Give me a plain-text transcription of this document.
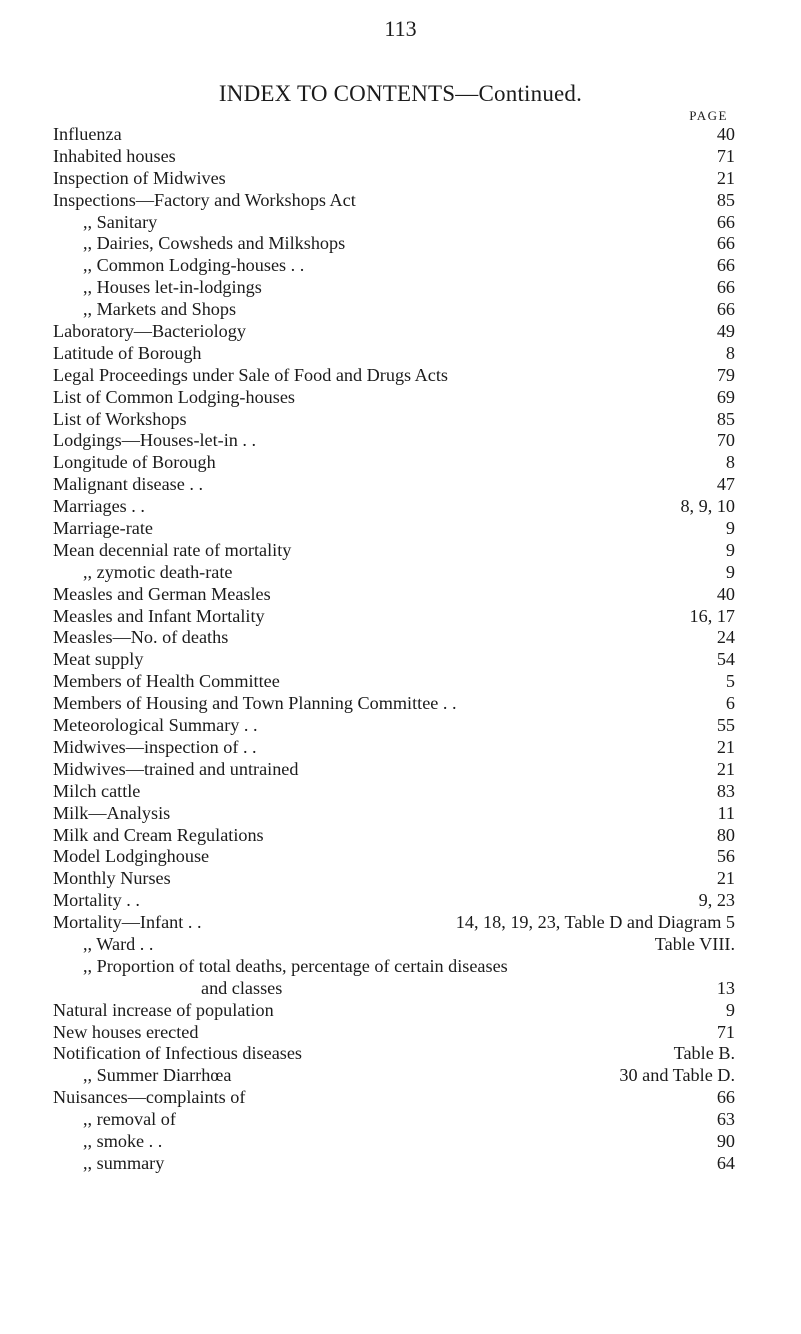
113
INDEX TO CONTENTS—Continued.
PAGE
Influenza	40
Inhabited houses	71
Inspection of Midwives	21
Inspections—Factory and Workshops Act	85
,, Sanitary	66
,, Dairies, Cowsheds and Milkshops	66
,, Common Lodging-houses . .	66
,, Houses let-in-lodgings	66
,, Markets and Shops	66
Laboratory—Bacteriology	49
Latitude of Borough	8
Legal Proceedings under Sale of Food and Drugs Acts	79
List of Common Lodging-houses	69
List of Workshops	85
Lodgings—Houses-let-in . .	70
Longitude of Borough	8
Malignant disease . .	47
Marriages . .	8, 9, 10
Marriage-rate	9
Mean decennial rate of mortality	9
,, zymotic death-rate	9
Measles and German Measles	40
Measles and Infant Mortality	16, 17
Measles—No. of deaths	24
Meat supply	54
Members of Health Committee	5
Members of Housing and Town Planning Committee . .	6
Meteorological Summary . .	55
Midwives—inspection of . .	21
Midwives—trained and untrained	21
Milch cattle	83
Milk—Analysis	11
Milk and Cream Regulations	80
Model Lodginghouse	56
Monthly Nurses	21
Mortality . .	9, 23
Mortality—Infant . .	14, 18, 19, 23, Table D and Diagram 5
,, Ward . .	Table VIII.
,, Proportion of total deaths, percentage of certain diseases
and classes	13
Natural increase of population	9
New houses erected	71
Notification of Infectious diseases	Table B.
,, Summer Diarrhœa	30 and Table D.
Nuisances—complaints of	66
,, removal of	63
,, smoke . .	90
,, summary	64
